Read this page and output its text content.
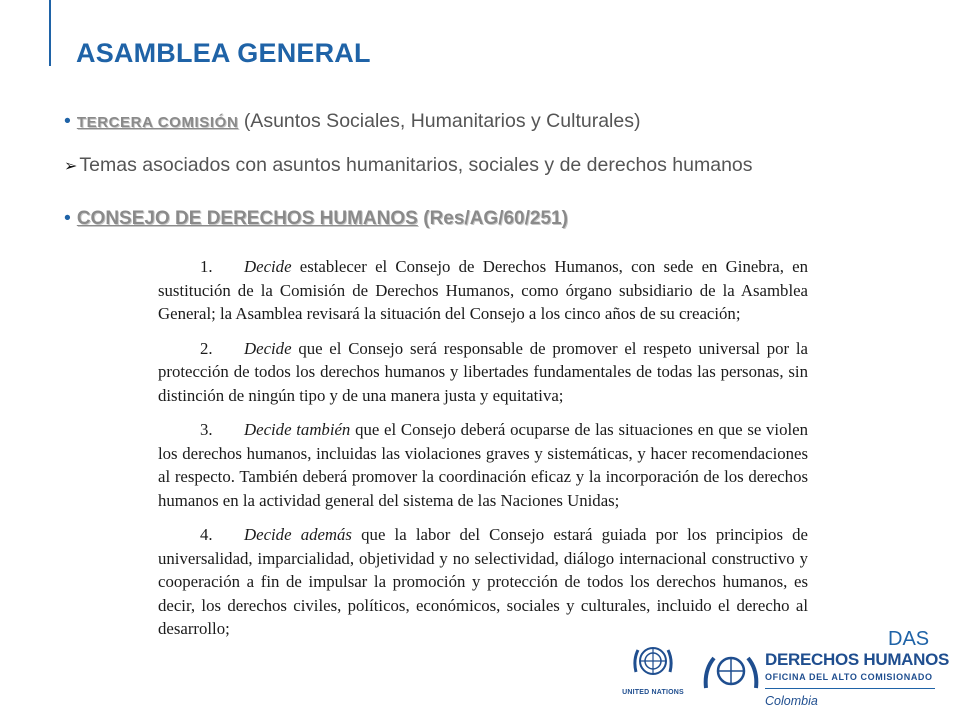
ASAMBLEA GENERAL
• TERCERA COMISIÓN (Asuntos Sociales, Humanitarios y Culturales)
➢ Temas asociados con asuntos humanitarios, sociales y de derechos humanos
• CONSEJO DE DERECHOS HUMANOS (Res/AG/60/251)

1. Decide establecer el Consejo de Derechos Humanos, con sede en Ginebra, en sustitución de la Comisión de Derechos Humanos, como órgano subsidiario de la Asamblea General; la Asamblea revisará la situación del Consejo a los cinco años de su creación;

2. Decide que el Consejo será responsable de promover el respeto universal por la protección de todos los derechos humanos y libertades fundamentales de todas las personas, sin distinción de ningún tipo y de una manera justa y equitativa;

3. Decide también que el Consejo deberá ocuparse de las situaciones en que se violen los derechos humanos, incluidas las violaciones graves y sistemáticas, y hacer recomendaciones al respecto. También deberá promover la coordinación eficaz y la incorporación de los derechos humanos en la actividad general del sistema de las Naciones Unidas;

4. Decide además que la labor del Consejo estará guiada por los principios de universalidad, imparcialidad, objetividad y no selectividad, diálogo internacional constructivo y cooperación a fin de impulsar la promoción y protección de todos los derechos humanos, es decir, los derechos civiles, políticos, económicos, sociales y culturales, incluido el derecho al desarrollo;

UNITED NATIONS
DAS
DERECHOS HUMANOS
OFICINA DEL ALTO COMISIONADO
Colombia
